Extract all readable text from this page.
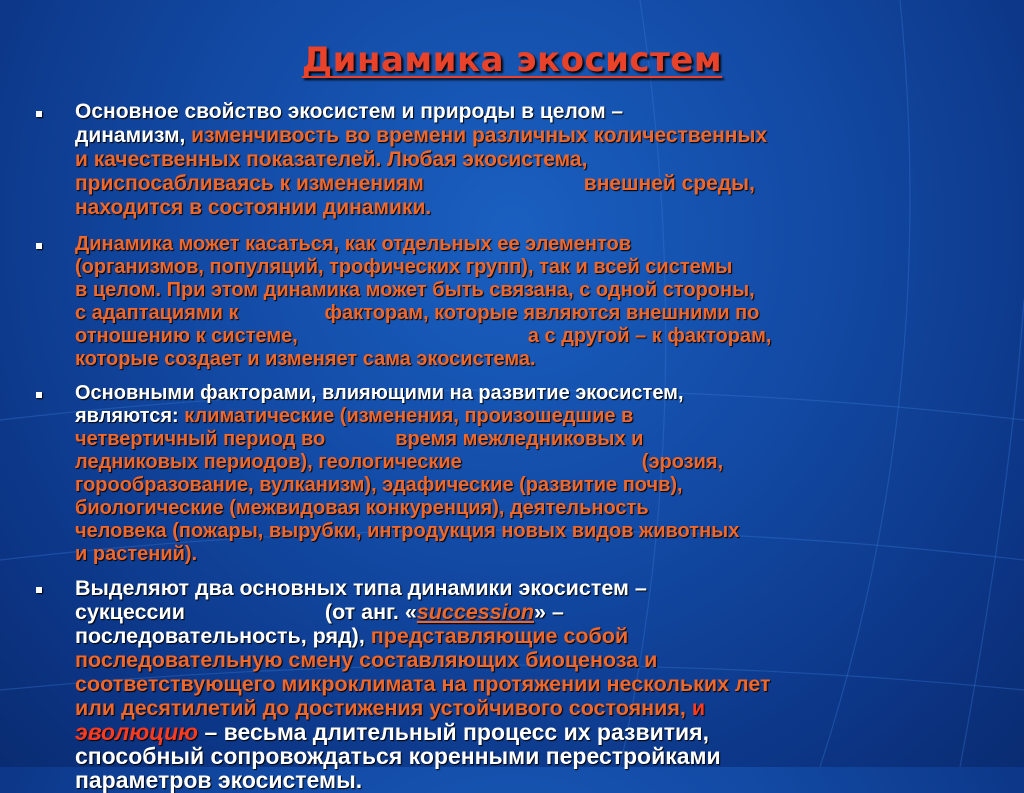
Динамика экосистем
Основное свойство экосистем и природы в целом –
динамизм, изменчивость во времени различных количественных
и качественных показателей. Любая экосистема,
приспосабливаясь к изменениям	внешней среды,
находится в состоянии динамики.
Динамика может касаться, как отдельных ее элементов
(организмов, популяций, трофических групп), так и всей системы
в целом. При этом динамика может быть связана, с одной стороны,
с адаптациями к	факторам, которые являются внешними по
отношению к системе,	а с другой – к факторам,
которые создает и изменяет сама экосистема.
Основными факторами, влияющими на развитие экосистем,
являются: климатические (изменения, произошедшие в
четвертичный период во	время межледниковых и
ледниковых периодов), геологические	(эрозия,
горообразование, вулканизм), эдафические (развитие почв),
биологические (межвидовая конкуренция), деятельность
человека (пожары, вырубки, интродукция новых видов животных
и растений).
Выделяют два основных типа динамики экосистем –
сукцессии	(от анг. «succession» –
последовательность, ряд), представляющие собой
последовательную смену составляющих биоценоза и
соответствующего микроклимата на протяжении нескольких лет
или десятилетий до достижения устойчивого состояния, и
эволюцию – весьма длительный процесс их развития,
способный сопровождаться коренными перестройками
параметров экосистемы.
